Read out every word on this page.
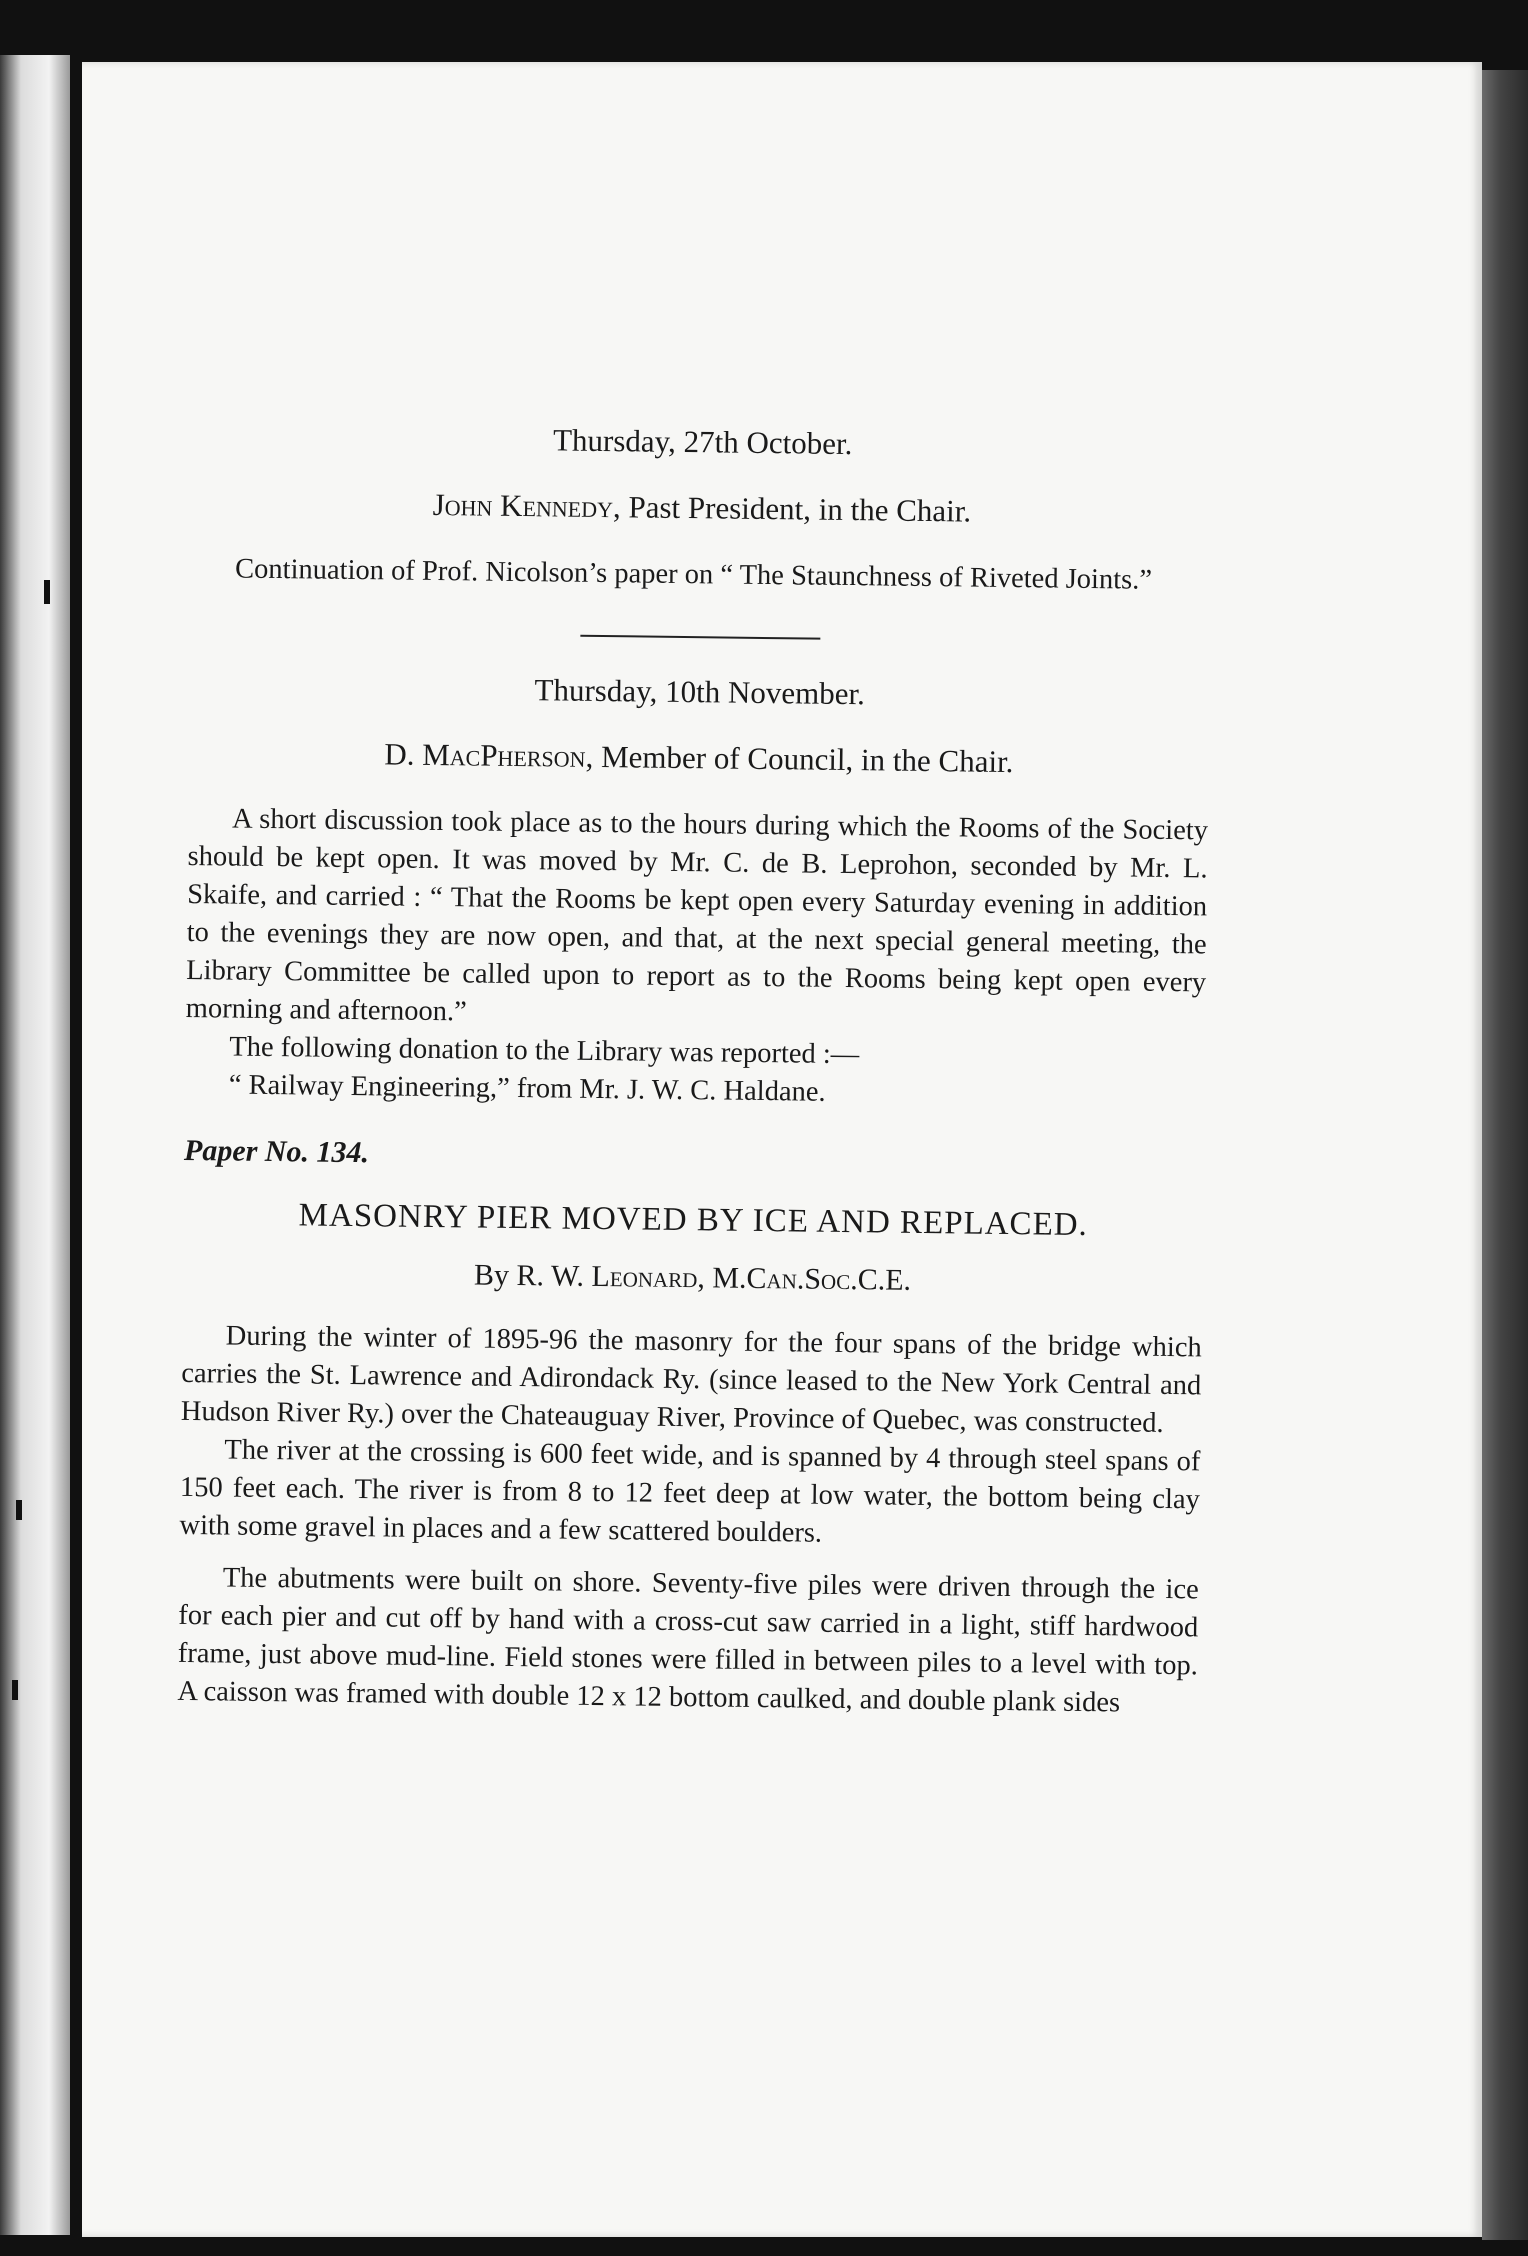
Thursday, 27th October.
John Kennedy, Past President, in the Chair.

Continuation of Prof. Nicolson’s paper on “ The Staunchness of Riveted Joints.”

Thursday, 10th November.
D. MacPherson, Member of Council, in the Chair.

A short discussion took place as to the hours during which the Rooms of the Society should be kept open. It was moved by Mr. C. de B. Leprohon, seconded by Mr. L. Skaife, and carried : “ That the Rooms be kept open every Saturday evening in addition to the evenings they are now open, and that, at the next special general meeting, the Library Committee be called upon to report as to the Rooms being kept open every morning and afternoon.”

The following donation to the Library was reported :—

“ Railway Engineering,” from Mr. J. W. C. Haldane.

Paper No. 134.
MASONRY PIER MOVED BY ICE AND REPLACED.
By R. W. Leonard, M.Can.Soc.C.E.

During the winter of 1895-96 the masonry for the four spans of the bridge which carries the St. Lawrence and Adirondack Ry. (since leased to the New York Central and Hudson River Ry.) over the Chateauguay River, Province of Quebec, was constructed.

The river at the crossing is 600 feet wide, and is spanned by 4 through steel spans of 150 feet each. The river is from 8 to 12 feet deep at low water, the bottom being clay with some gravel in places and a few scattered boulders.

The abutments were built on shore. Seventy-five piles were driven through the ice for each pier and cut off by hand with a cross-cut saw carried in a light, stiff hardwood frame, just above mud-line. Field stones were filled in between piles to a level with top. A caisson was framed with double 12 x 12 bottom caulked, and double plank sides
